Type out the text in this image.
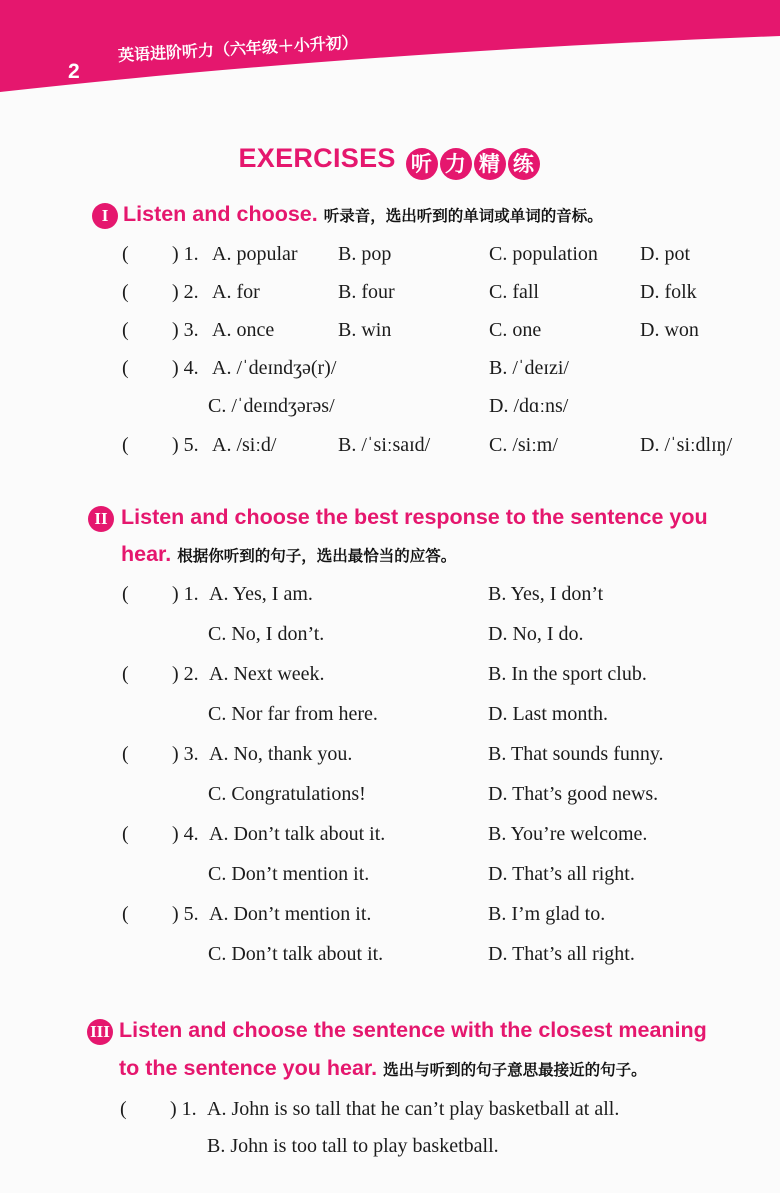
2
英语进阶听力（六年级＋小升初）
EXERCISES 听 力 精 练
I Listen and choose. 听录音，选出听到的单词或单词的音标。
( ) 1. A. popular B. pop	C. population D. pot
( ) 2. A. for	B. four	C. fall	D. folk
( ) 3. A. once	B. win	C. one	D. won
( ) 4. A. /ˈdeɪndʒə(r)/	B. /ˈdeɪzi/
C. /ˈdeɪndʒərəs/	D. /dɑːns/
( ) 5. A. /siːd/	B. /ˈsiːsaɪd/	C. /siːm/	D. /ˈsiːdlɪŋ/
II Listen and choose the best response to the sentence you
hear. 根据你听到的句子，选出最恰当的应答。
( ) 1. A. Yes, I am.	B. Yes, I don’t
C. No, I don’t.	D. No, I do.
( ) 2. A. Next week.	B. In the sport club.
C. Nor far from here.	D. Last month.
( ) 3. A. No, thank you.	B. That sounds funny.
C. Congratulations!	D. That’s good news.
( ) 4. A. Don’t talk about it.	B. You’re welcome.
C. Don’t mention it.	D. That’s all right.
( ) 5. A. Don’t mention it.	B. I’m glad to.
C. Don’t talk about it.	D. That’s all right.
III Listen and choose the sentence with the closest meaning
to the sentence you hear. 选出与听到的句子意思最接近的句子。
( ) 1. A. John is so tall that he can’t play basketball at all.
B. John is too tall to play basketball.
